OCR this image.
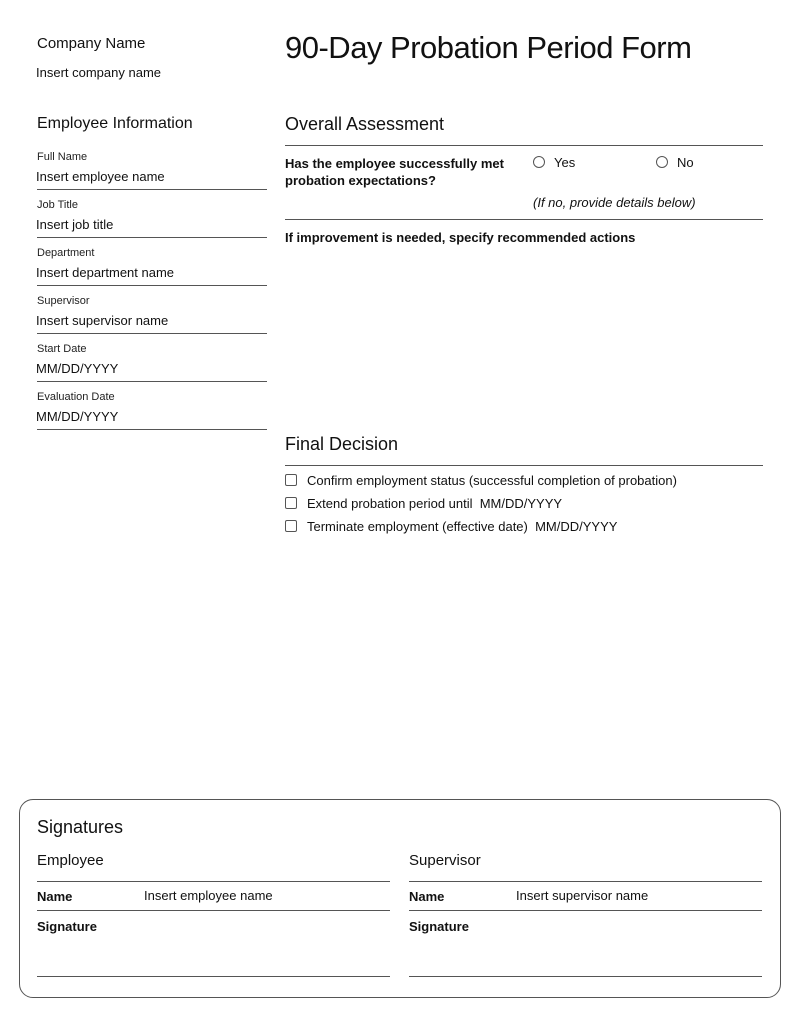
Company Name
Insert company name
90-Day Probation Period Form
Employee Information
Full Name
Insert employee name
Job Title
Insert job title
Department
Insert department name
Supervisor
Insert supervisor name
Start Date
MM/DD/YYYY
Evaluation Date
MM/DD/YYYY
Overall Assessment
Has the employee successfully met probation expectations?
Yes	No
(If no, provide details below)
If improvement is needed, specify recommended actions
Final Decision
Confirm employment status (successful completion of probation)
Extend probation period until  MM/DD/YYYY
Terminate employment (effective date)  MM/DD/YYYY
Signatures
Employee
Name	Insert employee name
Signature
Supervisor
Name	Insert supervisor name
Signature
